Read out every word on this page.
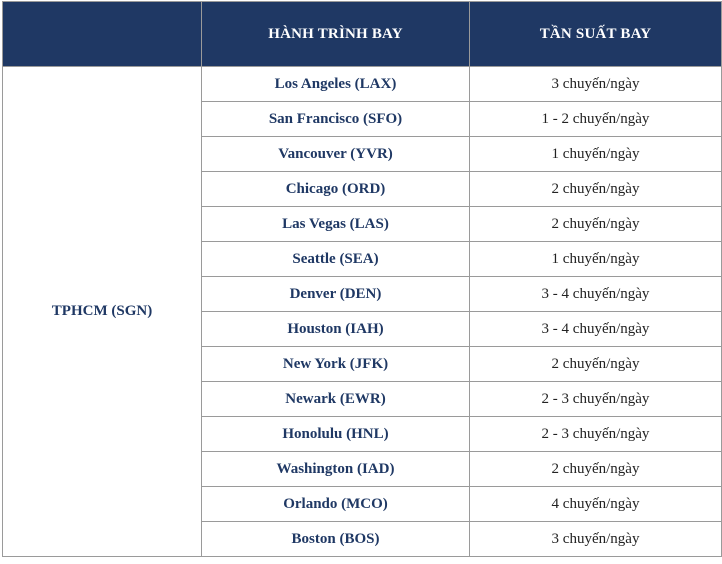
	HÀNH TRÌNH BAY	TẦN SUẤT BAY
TPHCM (SGN)	Los Angeles (LAX)	3 chuyến/ngày
	San Francisco (SFO)	1 - 2 chuyến/ngày
	Vancouver (YVR)	1 chuyến/ngày
	Chicago (ORD)	2 chuyến/ngày
	Las Vegas (LAS)	2 chuyến/ngày
	Seattle (SEA)	1 chuyến/ngày
	Denver (DEN)	3 - 4 chuyến/ngày
	Houston (IAH)	3 - 4 chuyến/ngày
	New York (JFK)	2 chuyến/ngày
	Newark (EWR)	2 - 3 chuyến/ngày
	Honolulu (HNL)	2 - 3 chuyến/ngày
	Washington (IAD)	2 chuyến/ngày
	Orlando (MCO)	4 chuyến/ngày
	Boston (BOS)	3 chuyến/ngày
